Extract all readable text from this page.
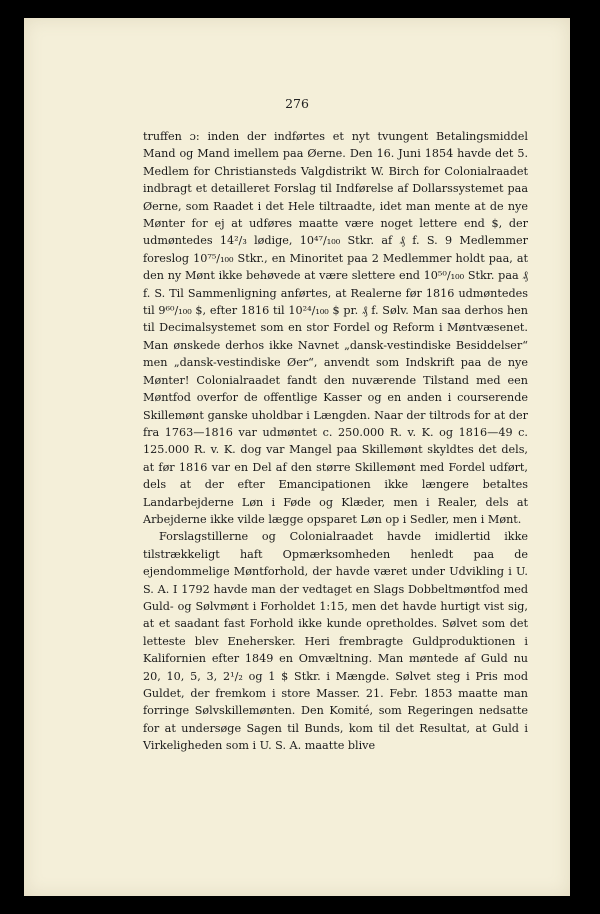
276

truffen ɔ: inden der indførtes et nyt tvungent Betalingsmiddel Mand og Mand imellem paa Øerne. Den 16. Juni 1854 havde det 5. Medlem for Christiansteds Valgdistrikt W. Birch for Colonialraadet indbragt et detailleret Forslag til Indførelse af Dollarssystemet paa Øerne, som Raadet i det Hele tiltraadte, idet man mente at de nye Mønter for ej at udføres maatte være noget lettere end $, der udmøntedes 14²/₃ lødige, 10⁴⁷/₁₀₀ Stkr. af ₰ f. S. 9 Medlemmer foreslog 10⁷⁵/₁₀₀ Stkr., en Minoritet paa 2 Medlemmer holdt paa, at den ny Mønt ikke behøvede at være slettere end 10⁵⁰/₁₀₀ Stkr. paa ₰ f. S. Til Sammenligning anførtes, at Realerne før 1816 udmøntedes til 9⁶⁰/₁₀₀ $, efter 1816 til 10²⁴/₁₀₀ $ pr. ₰ f. Sølv. Man saa derhos hen til Decimalsystemet som en stor Fordel og Reform i Møntvæsenet. Man ønskede derhos ikke Navnet „dansk-vestindiske Besiddelser“ men „dansk-vestindiske Øer“, anvendt som Indskrift paa de nye Mønter! Colonialraadet fandt den nuværende Tilstand med een Møntfod overfor de offentlige Kasser og en anden i courserende Skillemønt ganske uholdbar i Længden. Naar der tiltrods for at der fra 1763—1816 var udmøntet c. 250.000 R. v. K. og 1816—49 c. 125.000 R. v. K. dog var Mangel paa Skillemønt skyldtes det dels, at før 1816 var en Del af den større Skillemønt med Fordel udført, dels at der efter Emancipationen ikke længere betaltes Landarbejderne Løn i Føde og Klæder, men i Realer, dels at Arbejderne ikke vilde lægge opsparet Løn op i Sedler, men i Mønt.

Forslagstillerne og Colonialraadet havde imidlertid ikke tilstrækkeligt haft Opmærksomheden henledt paa de ejendommelige Møntforhold, der havde været under Udvikling i U. S. A. I 1792 havde man der vedtaget en Slags Dobbeltmøntfod med Guld- og Sølvmønt i Forholdet 1:15, men det havde hurtigt vist sig, at et saadant fast Forhold ikke kunde opretholdes. Sølvet som det letteste blev Enehersker. Heri frembragte Guldproduktionen i Kalifornien efter 1849 en Omvæltning. Man møntede af Guld nu 20, 10, 5, 3, 2¹/₂ og 1 $ Stkr. i Mængde. Sølvet steg i Pris mod Guldet, der fremkom i store Masser. 21. Febr. 1853 maatte man forringe Sølvskillemønten. Den Komité, som Regeringen nedsatte for at undersøge Sagen til Bunds, kom til det Resultat, at Guld i Virkeligheden som i U. S. A. maatte blive
